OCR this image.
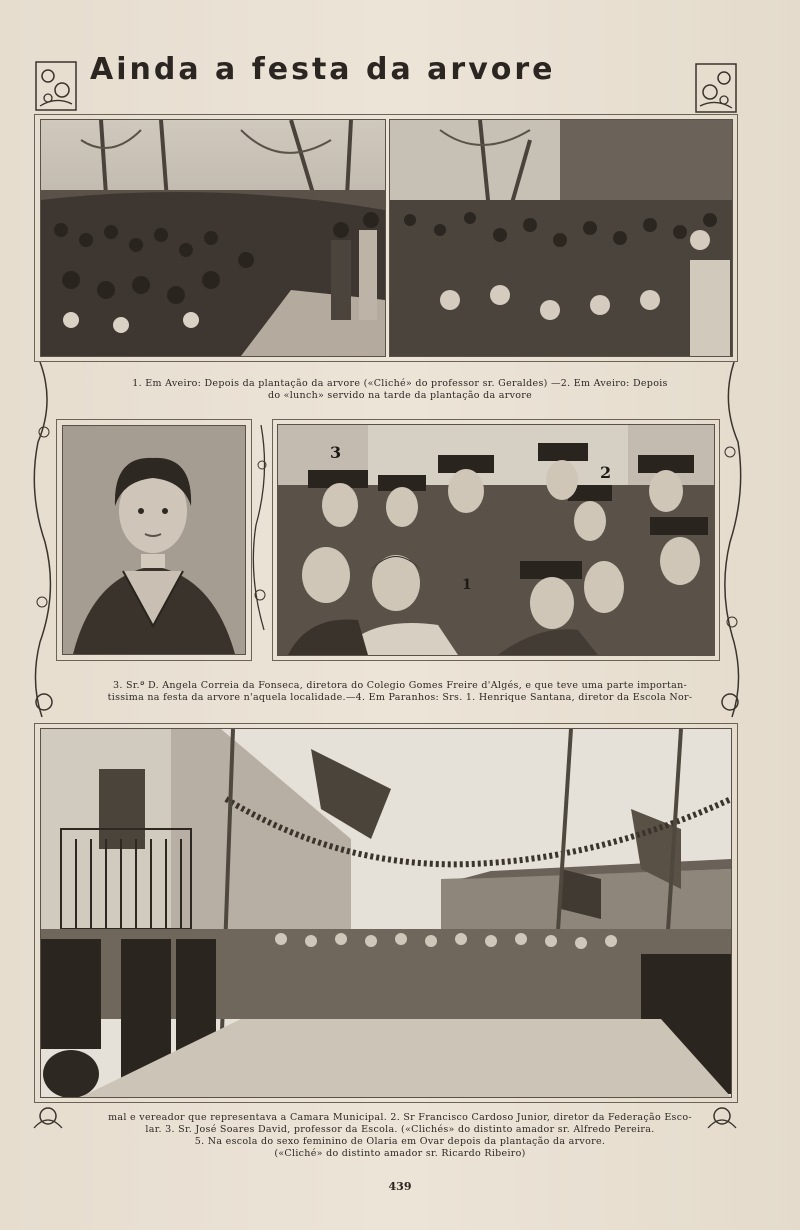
Ainda a festa da arvore
1. Em Aveiro: Depois da plantação da arvore («Cliché» do professor sr. Geraldes) —2. Em Aveiro: Depois
do «lunch» servido na tarde da plantação da arvore
3
2
1
3. Sr.ª D. Angela Correia da Fonseca, diretora do Colegio Gomes Freire d'Algés, e que teve uma parte importan-
tissima na festa da arvore n'aquela localidade.—4. Em Paranhos: Srs. 1. Henrique Santana, diretor da Escola Nor-
mal e vereador que representava a Camara Municipal. 2. Sr Francisco Cardoso Junior, diretor da Federação Esco-
lar. 3. Sr. José Soares David, professor da Escola. («Clichés» do distinto amador sr. Alfredo Pereira.
5. Na escola do sexo feminino de Olaria em Ovar depois da plantação da arvore.
(«Cliché» do distinto amador sr. Ricardo Ribeiro)
439
